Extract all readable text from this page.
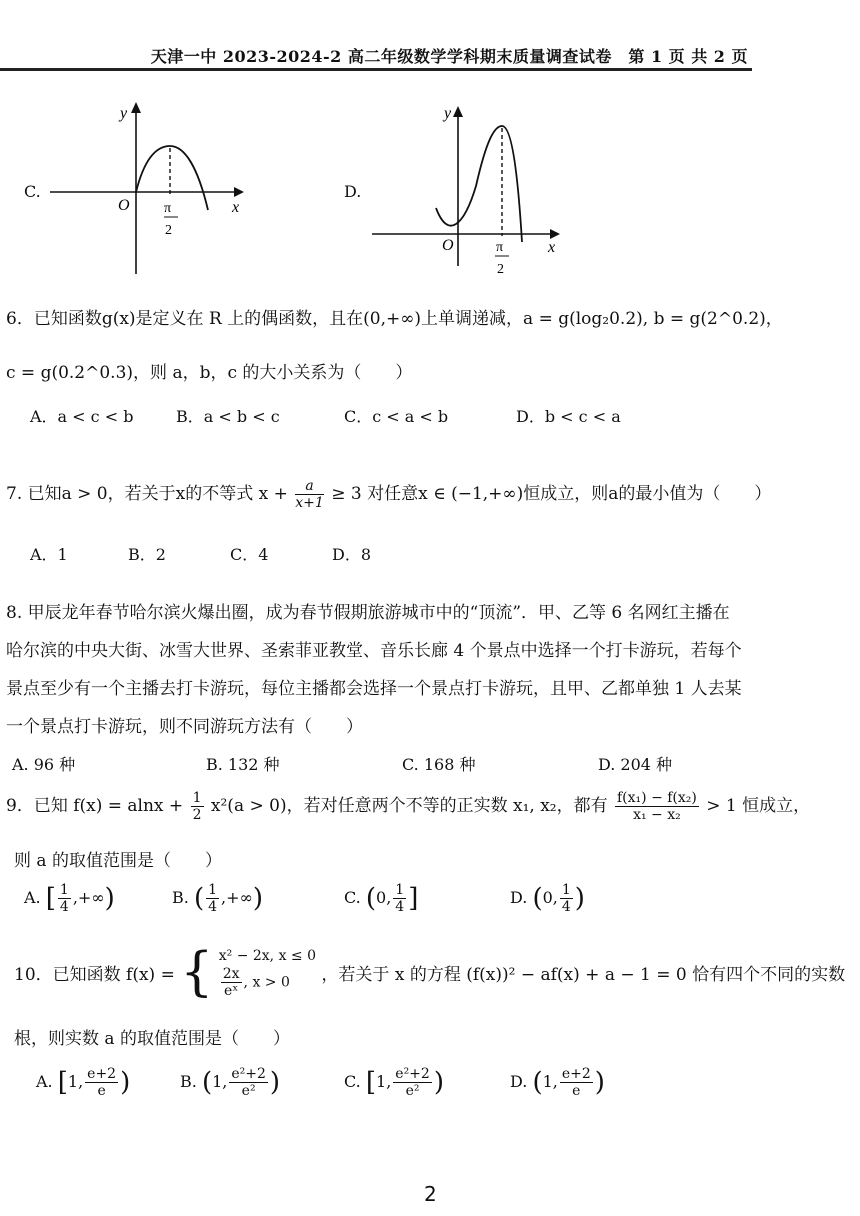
天津一中 2023-2024-2 高二年级数学学科期末质量调查试卷　第 1 页 共 2 页
C.
y
O	x
π
2
D.
y
O	x
π
2
6．已知函数g(x)是定义在 R 上的偶函数，且在(0,+∞)上单调递减，a = g(log₂0.2), b = g(2^0.2)，
c = g(0.2^0.3)，则 a，b，c 的大小关系为（　　）
A．a < c < b	B．a < b < c	C．c < a < b	D．b < c < a
7. 已知a > 0，若关于x的不等式 $x + \frac{a}{x+1} \ge 3$ 对任意x ∈ (−1,+∞)恒成立，则a的最小值为（　　）
A．1	B．2	C．4	D．8
8. 甲辰龙年春节哈尔滨火爆出圈，成为春节假期旅游城市中的“顶流”．甲、乙等 6 名网红主播在
哈尔滨的中央大街、冰雪大世界、圣索菲亚教堂、音乐长廊 4 个景点中选择一个打卡游玩，若每个
景点至少有一个主播去打卡游玩，每位主播都会选择一个景点打卡游玩，且甲、乙都单独 1 人去某
一个景点打卡游玩，则不同游玩方法有（　　）
A. 96 种	B. 132 种	C. 168 种	D. 204 种
9．已知 $f(x) = alnx + \frac{1}{2} x^2(a > 0)$，若对任意两个不等的正实数 x₁, x₂，都有 $\frac{\text{f(x₁) − f(x₂)}}{\text{x₁ − x₂}} > 1$ 恒成立，
则 a 的取值范围是（　　）
A. [ $\frac{1}{4}$ ,+∞)	B. ( $\frac{1}{4}$ ,+∞)	C. (0, $\frac{1}{4}$ ]	D. (0, $\frac{1}{4}$ )
10．已知函数 f(x) = { x² − 2x, x ≤ 0
$\frac{2x}{\text{eˣ}}$ , x > 0	，若关于 x 的方程 (f(x))² − af(x) + a − 1 = 0 恰有四个不同的实数
根，则实数 a 的取值范围是（　　）
A. [1, $\frac{e+2}{e}$ )	B. (1, $\frac{\text{e²+2}}{\text{e²}}$ )	C. [1, $\frac{\text{e²+2}}{\text{e²}}$ )	D. (1, $\frac{e+2}{e}$ )
2
